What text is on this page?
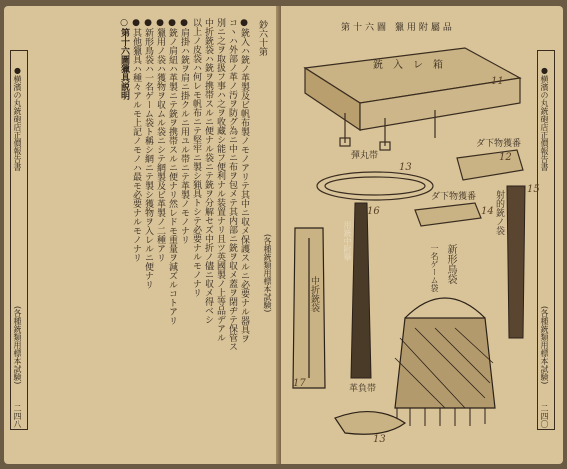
●横濱の丸銃砲店正價報告書
(各種銃類用標本試験)
二四八
●銃入ハ銃ノ革製及ビ帆布製ノモノアリテ其中ニ収メ保護スルニ必要ナル器具ヲ
コヽハ外部ノ革ノ汚ヲ防グ為ニ中ニ布ヲ包メテ其内部ニ銃ヲ収メ蓋ヲ閉ヂテ保管ス
別ニ之ヲ取扱フ事ハ之ヲ收藏シ能フ便利ナル装置ナリ且ツ英國製ノ上等品デアル
中折銃袋ハ銃ヲ携帯スルニ便ナル袋ニテ銃ヲ分解セズ中折ノ儘ニ収メ得ベシ
以上ノ皮袋ハ何レモ帆布ニテ堅牢ニ製シ猟具トシテ必要ナルモノナリ
●肩掛ハ銃ヲ肩ニ掛クルニ用ユル帯ニテ革製ノモノナリ
●銃ノ肩紐ハ革製ニテ銃ヲ携帯スルニ便ナリ然レドモ重量ヲ減ズルコトアリ
●獵用ノ袋ハ獲物ヲ収ムル袋ニシテ網製及ビ革製ノ二種アリ
●新形鳥袋ハ一名ゲーム袋ト稱シ網ニテ製シ獲物ヲ入レルニ便ナリ
●其他獵具ハ種々アルモ上記ノモノハ最モ必要ナルモノナリ
○第十六圖獵具説明	鈔六十第
(各種銃類用標本試験)
●横濱の丸銃砲店正價報告書
(各種銃類用標本試験)
二四〇
第十六圖 獵用附屬品
銃入レ箱
11
彈丸帯
13
ダ下物獲番
12
ダ下物獲番
14 射的銃ノ袋
15
用銃中附擧
16
中折銃袋
17
新形鳥袋
一名ゲーム袋
革負帯
13
